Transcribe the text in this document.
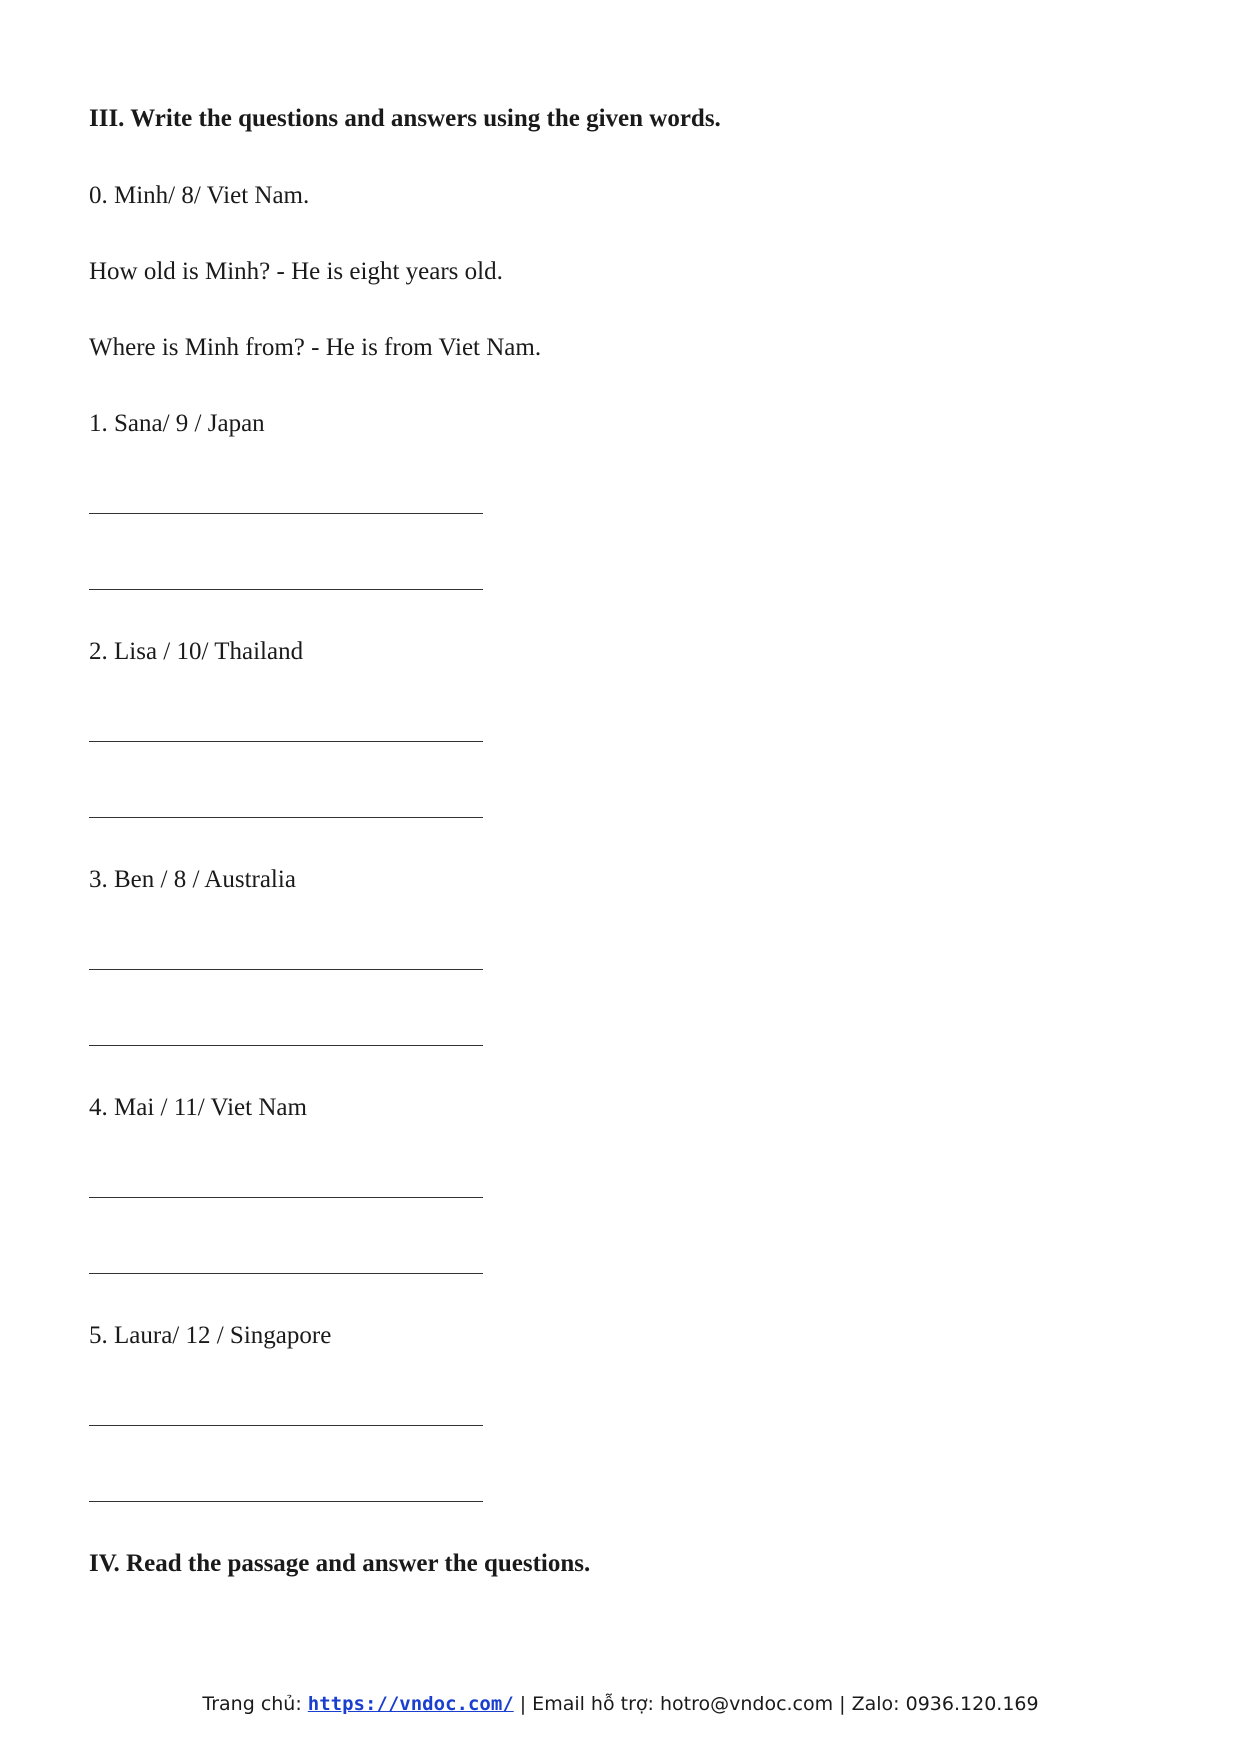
III. Write the questions and answers using the given words.
0. Minh/ 8/ Viet Nam.
How old is Minh? - He is eight years old.
Where is Minh from? - He is from Viet Nam.
1. Sana/ 9 / Japan
2. Lisa / 10/ Thailand
3. Ben / 8 / Australia
4. Mai / 11/ Viet Nam
5. Laura/ 12 / Singapore
IV. Read the passage and answer the questions.
Trang chủ: https://vndoc.com/ | Email hỗ trợ: hotro@vndoc.com | Zalo: 0936.120.169
